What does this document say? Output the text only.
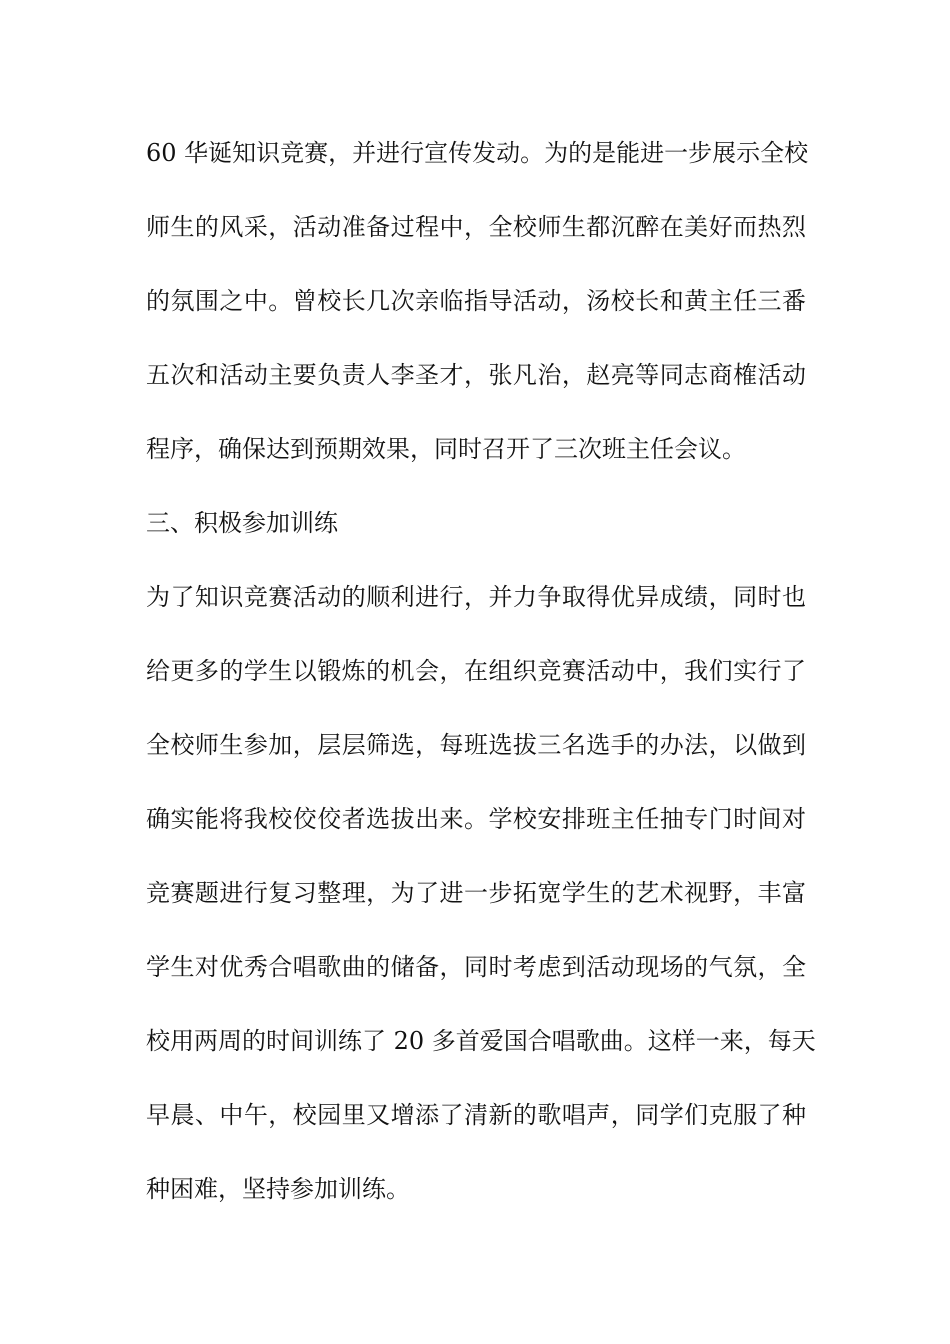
60 华诞知识竞赛，并进行宣传发动。为的是能进一步展示全校
师生的风采，活动准备过程中，全校师生都沉醉在美好而热烈
的氛围之中。曾校长几次亲临指导活动，汤校长和黄主任三番
五次和活动主要负责人李圣才，张凡治，赵亮等同志商榷活动
程序，确保达到预期效果，同时召开了三次班主任会议。
三、积极参加训练
为了知识竞赛活动的顺利进行，并力争取得优异成绩，同时也
给更多的学生以锻炼的机会，在组织竞赛活动中，我们实行了
全校师生参加，层层筛选，每班选拔三名选手的办法，以做到
确实能将我校佼佼者选拔出来。学校安排班主任抽专门时间对
竞赛题进行复习整理，为了进一步拓宽学生的艺术视野，丰富
学生对优秀合唱歌曲的储备，同时考虑到活动现场的气氛，全
校用两周的时间训练了 20 多首爱国合唱歌曲。这样一来，每天
早晨、中午，校园里又增添了清新的歌唱声，同学们克服了种
种困难，坚持参加训练。
